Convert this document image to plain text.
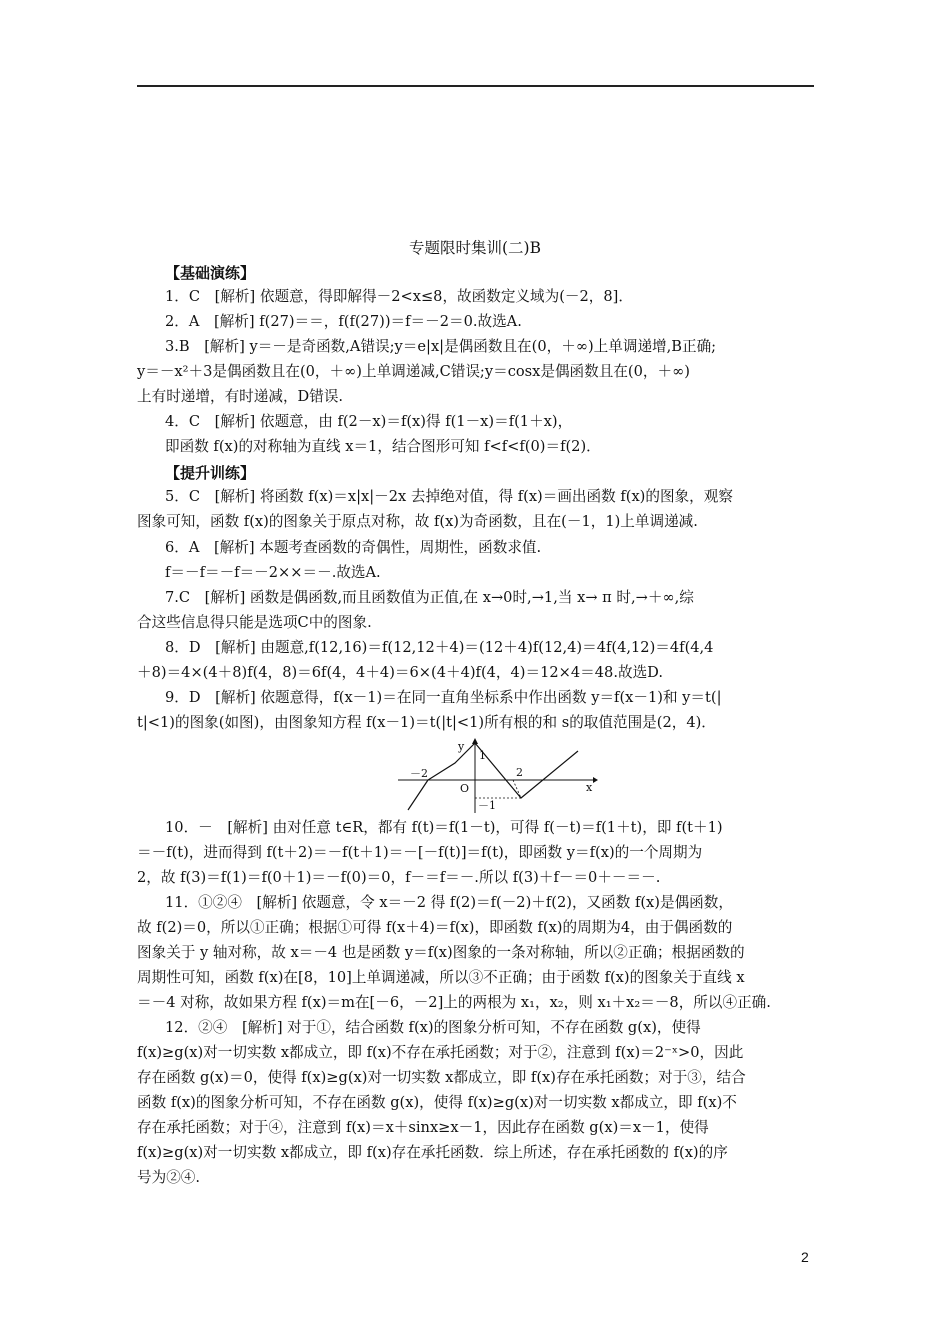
专题限时集训(二)B
【基础演练】
1．C　[解析] 依题意，得即解得－2<x≤8，故函数定义域为(－2，8]．
2．A　[解析] f(27)＝＝，f(f(27))＝f＝－2＝0.故选A.
3.B　[解析] y＝－是奇函数,A错误;y＝e|x|是偶函数且在(0，＋∞)上单调递增,B正确;
y＝－x²＋3是偶函数且在(0，＋∞)上单调递减,C错误;y＝cosx是偶函数且在(0，＋∞)
上有时递增，有时递减，D错误.
4．C　[解析] 依题意，由 f(2－x)＝f(x)得 f(1－x)＝f(1＋x)，
即函数 f(x)的对称轴为直线 x＝1，结合图形可知 f<f<f(0)＝f(2)．
【提升训练】
5．C　[解析] 将函数 f(x)＝x|x|－2x 去掉绝对值，得 f(x)＝画出函数 f(x)的图象，观察
图象可知，函数 f(x)的图象关于原点对称，故 f(x)为奇函数，且在(－1，1)上单调递减.
6．A　[解析] 本题考查函数的奇偶性，周期性，函数求值.
f＝－f＝－f＝－2××＝－.故选A.
7.C　[解析] 函数是偶函数,而且函数值为正值,在 x→0时,→1,当 x→ π 时,→＋∞,综
合这些信息得只能是选项C中的图象.
8．D　[解析] 由题意,f(12,16)＝f(12,12＋4)＝(12＋4)f(12,4)＝4f(4,12)＝4f(4,4
＋8)＝4×(4＋8)f(4，8)＝6f(4，4＋4)＝6×(4＋4)f(4，4)＝12×4＝48.故选D.
9．D　[解析] 依题意得，f(x－1)＝在同一直角坐标系中作出函数 y＝f(x－1)和 y＝t(|
t|<1)的图象(如图)，由图象知方程 f(x－1)＝t(|t|<1)所有根的和 s的取值范围是(2，4)．
y
1
－2	2
O
－1
x
10．－　[解析] 由对任意 t∈R，都有 f(t)＝f(1－t)，可得 f(－t)＝f(1＋t)，即 f(t＋1)
＝－f(t)，进而得到 f(t＋2)＝－f(t＋1)＝－[－f(t)]＝f(t)，即函数 y＝f(x)的一个周期为
2，故 f(3)＝f(1)＝f(0＋1)＝－f(0)＝0，f－＝f＝－.所以 f(3)＋f－＝0＋－＝－.
11．①②④　[解析] 依题意，令 x＝－2 得 f(2)＝f(－2)＋f(2)，又函数 f(x)是偶函数，
故 f(2)＝0，所以①正确；根据①可得 f(x＋4)＝f(x)，即函数 f(x)的周期为4，由于偶函数的
图象关于 y 轴对称，故 x＝－4 也是函数 y＝f(x)图象的一条对称轴，所以②正确；根据函数的
周期性可知，函数 f(x)在[8，10]上单调递减，所以③不正确；由于函数 f(x)的图象关于直线 x
＝－4 对称，故如果方程 f(x)＝m在[－6，－2]上的两根为 x₁，x₂，则 x₁＋x₂＝－8，所以④正确.
12．②④　[解析] 对于①，结合函数 f(x)的图象分析可知，不存在函数 g(x)，使得
f(x)≥g(x)对一切实数 x都成立，即 f(x)不存在承托函数；对于②，注意到 f(x)＝2⁻ˣ>0，因此
存在函数 g(x)＝0，使得 f(x)≥g(x)对一切实数 x都成立，即 f(x)存在承托函数；对于③，结合
函数 f(x)的图象分析可知，不存在函数 g(x)，使得 f(x)≥g(x)对一切实数 x都成立，即 f(x)不
存在承托函数；对于④，注意到 f(x)＝x＋sinx≥x－1，因此存在函数 g(x)＝x－1，使得
f(x)≥g(x)对一切实数 x都成立，即 f(x)存在承托函数．综上所述，存在承托函数的 f(x)的序
号为②④.
2
